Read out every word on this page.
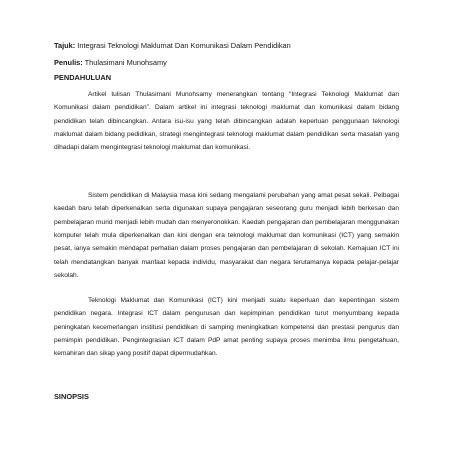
Tajuk: Integrasi Teknologi Maklumat Dan Komunikasi Dalam Pendidikan
Penulis: Thulasimani Munohsamy
PENDAHULUAN

Artikel tulisan Thulasimani Munohsamy menerangkan tentang “Integrasi Teknologi Maklumat dan Komunikasi dalam pendidikan”. Dalam artikel ini integrasi teknologi maklumat dan komunikasi dalam bidang pendidikan telah dibincangkan. Antara isu-isu yang telah dibincangkan adalah keperluan penggunaan teknologi maklumat dalam bidang pedidikan, strategi mengintegrasi teknologi maklumat dalam pendidikan serta masalah yang dihadapi dalam mengintegrasi teknologi maklumat dan komunikasi.

Sistem pendidikan di Malaysia masa kini sedang mengalami perubahan yang amat pesat sekali. Pelbagai kaedah baru telah diperkenalkan serta digunakan supaya pengajaran seseorang guru menjadi lebih berkesan dan pembelajaran murid menjadi lebih mudah dan menyeronokkan. Kaedah pengajaran dan pembelajaran menggunakan komputer telah mula diperkenalkan dan kini dengan era teknologi maklumat dan komunikasi (ICT) yang semakin pesat, ianya semakin mendapat perhatian dalam proses pengajaran dan pembelajaran di sekolah. Kemajuan ICT ini telah mendatangkan banyak manfaat kepada individu, masyarakat dan negara terutamanya kepada pelajar-pelajar sekolah.

Teknologi Maklumat dan Komunikasi (ICT) kini menjadi suatu keperluan dan kepentingan sistem pendidikan negara. Integrasi ICT dalam pengurusan dan kepimpinan pendidikan turut menyumbang kepada peningkatan kecemerlangan institusi pendidikan di samping meningkatkan kompetensi dan prestasi pengurus dan pemimpin pendidikan. Pengintegrasian ICT dalam PdP amat penting supaya proses menimba ilmu pengetahuan, kemahiran dan sikap yang positif dapat dipermudahkan.

SINOPSIS
